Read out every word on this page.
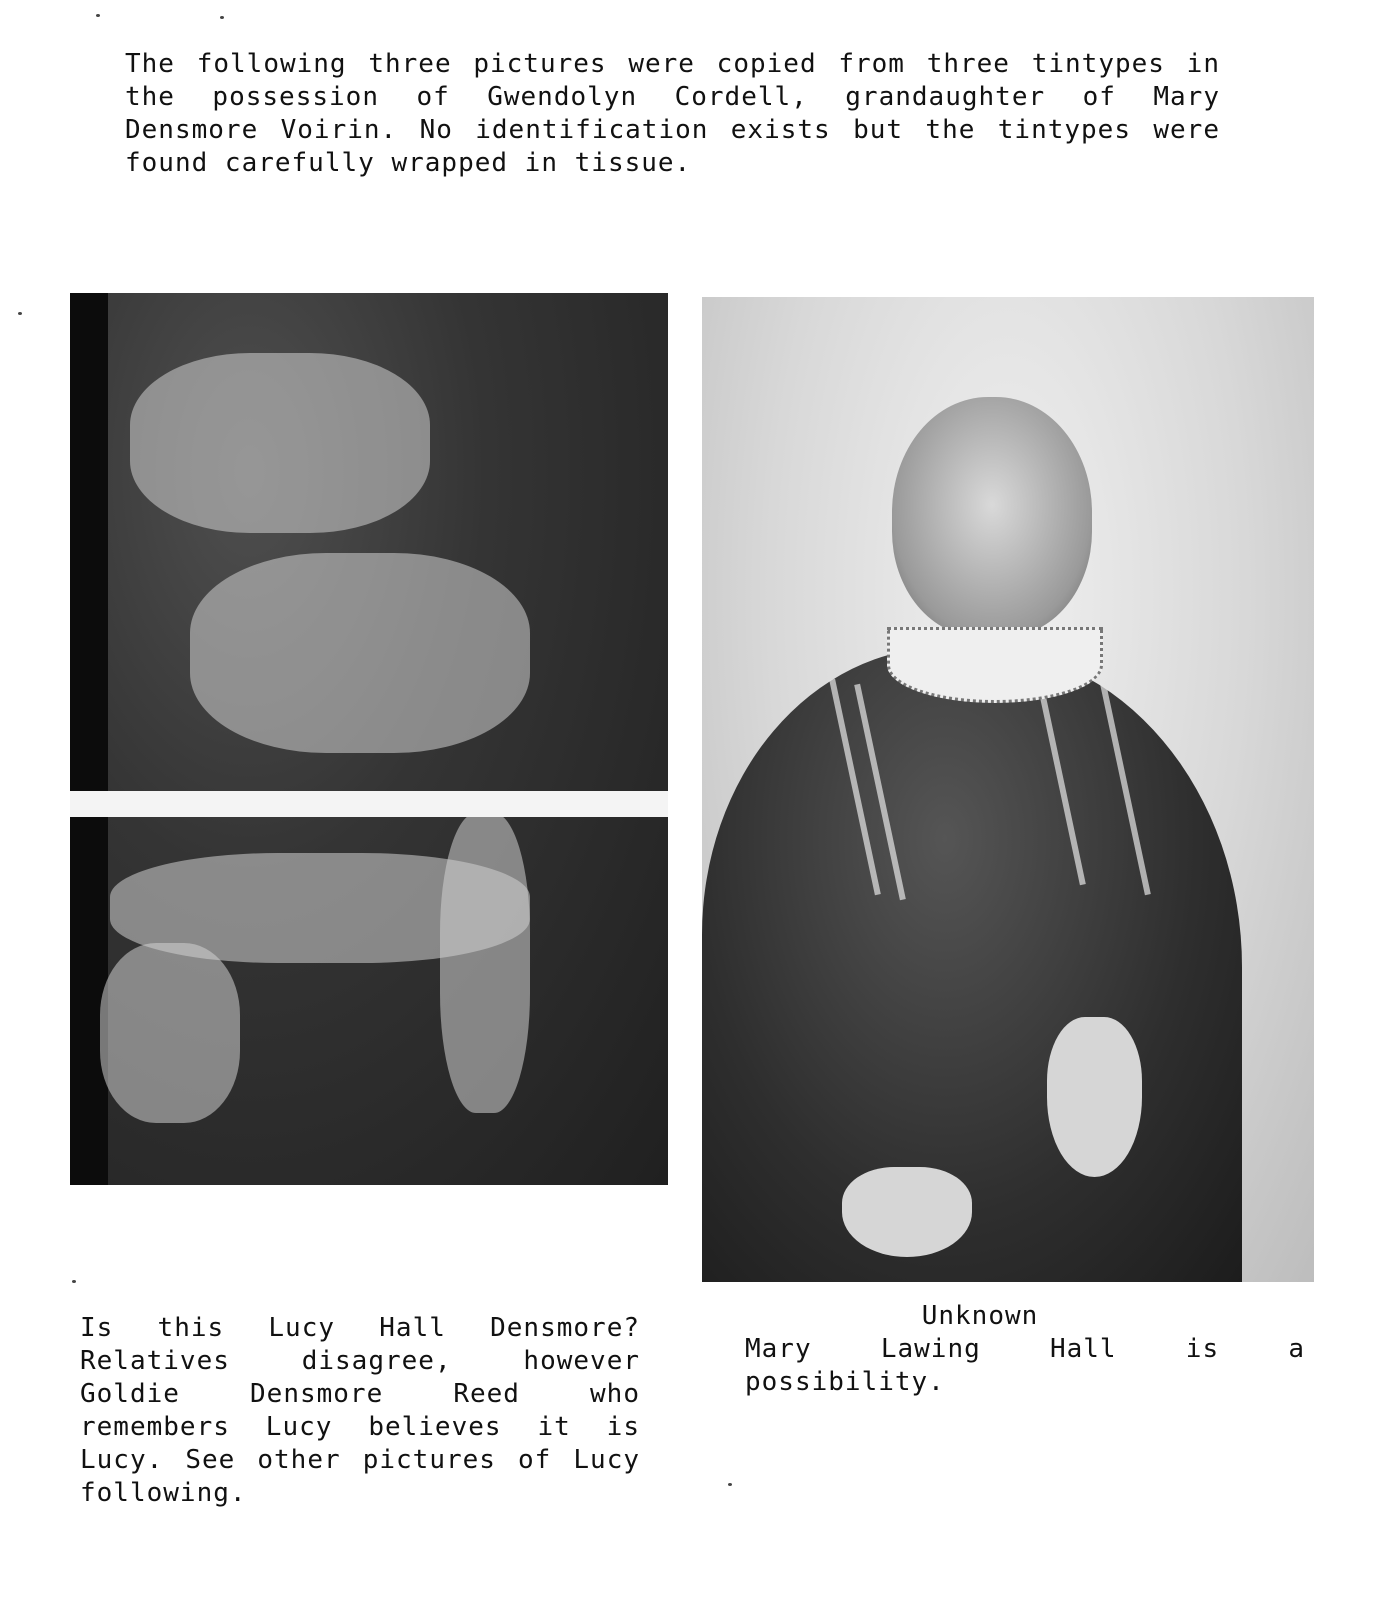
The following three pictures were copied from three tintypes in the possession of Gwendolyn Cordell, grandaughter of Mary Densmore Voirin. No identification exists but the tintypes were found carefully wrapped in tissue.
Is this Lucy Hall Densmore? Relatives disagree, however Goldie Densmore Reed who remembers Lucy believes it is Lucy. See other pictures of Lucy following.
Unknown
Mary Lawing Hall is a possibility.
